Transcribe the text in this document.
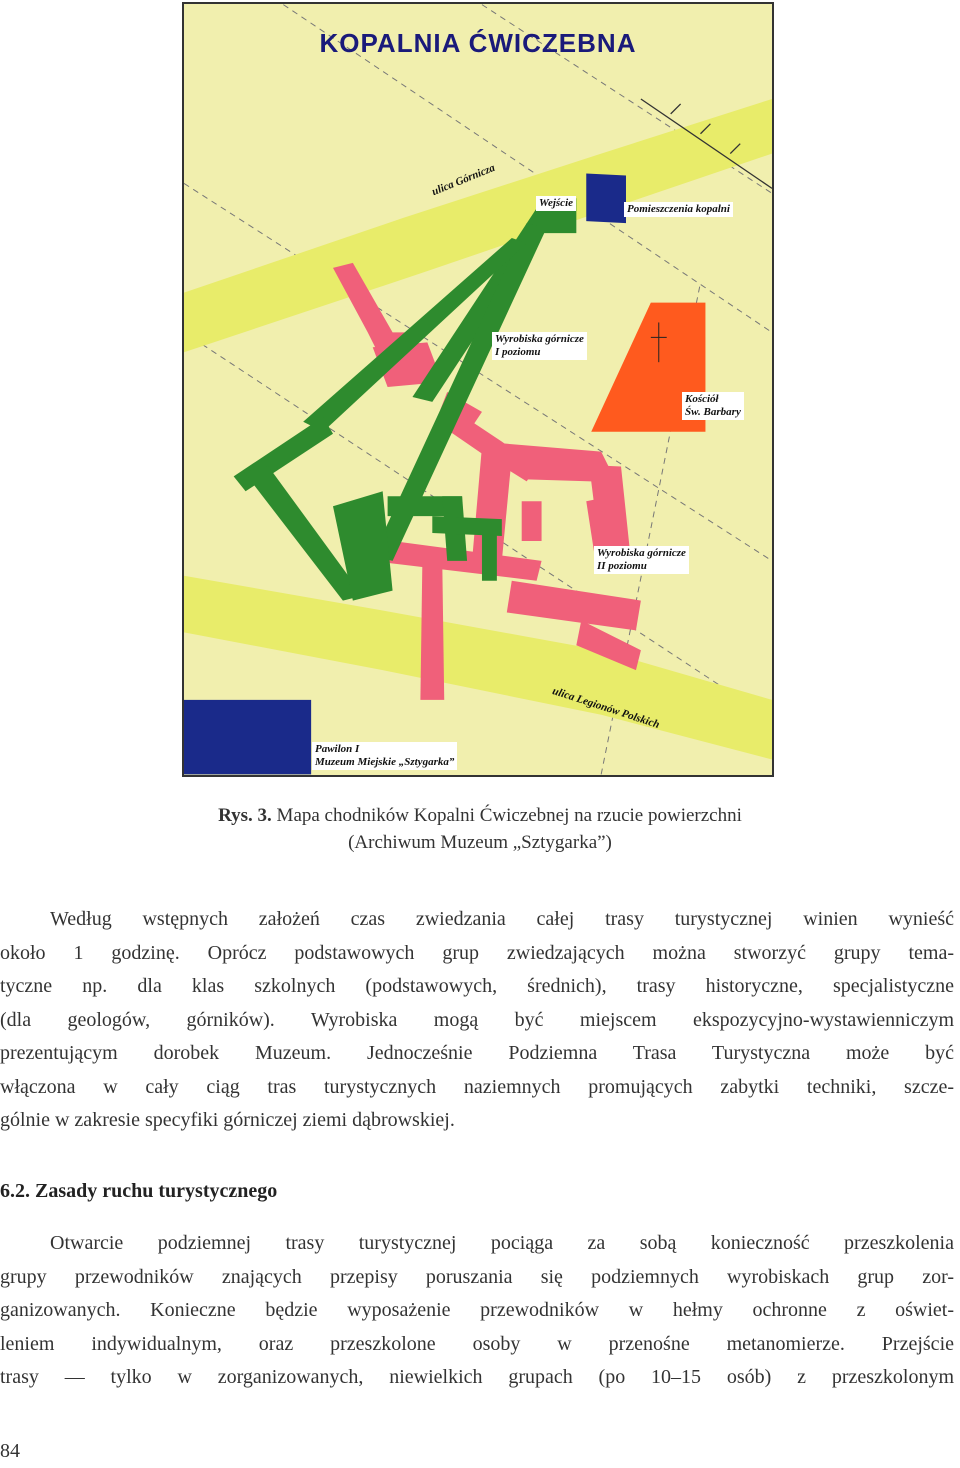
KOPALNIA ĆWICZEBNA
Wejście	Pomieszczenia kopalni
Wyrobiska górnicze
I poziomu
Kościół
Św. Barbary
Wyrobiska górnicze
II poziomu
Pawilon I
Muzeum Miejskie „Sztygarka”
ulica Górnicza
ulica Legionów Polskich
Rys. 3. Mapa chodników Kopalni Ćwiczebnej na rzucie powierzchni
(Archiwum Muzeum „Sztygarka”)
Według wstępnych założeń czas zwiedzania całej trasy turystycznej winien wynieść
około 1 godzinę. Oprócz podstawowych grup zwiedzających można stworzyć grupy tema-
tyczne np. dla klas szkolnych (podstawowych, średnich), trasy historyczne, specjalistyczne
(dla geologów, górników). Wyrobiska mogą być miejscem ekspozycyjno-wystawienniczym
prezentującym dorobek Muzeum. Jednocześnie Podziemna Trasa Turystyczna może być
włączona w cały ciąg tras turystycznych naziemnych promujących zabytki techniki, szcze-
gólnie w zakresie specyfiki górniczej ziemi dąbrowskiej.
6.2. Zasady ruchu turystycznego
Otwarcie podziemnej trasy turystycznej pociąga za sobą konieczność przeszkolenia
grupy przewodników znających przepisy poruszania się podziemnych wyrobiskach grup zor-
ganizowanych. Konieczne będzie wyposażenie przewodników w hełmy ochronne z oświet-
leniem indywidualnym, oraz przeszkolone osoby w przenośne metanomierze. Przejście
trasy — tylko w zorganizowanych, niewielkich grupach (po 10–15 osób) z przeszkolonym
84
